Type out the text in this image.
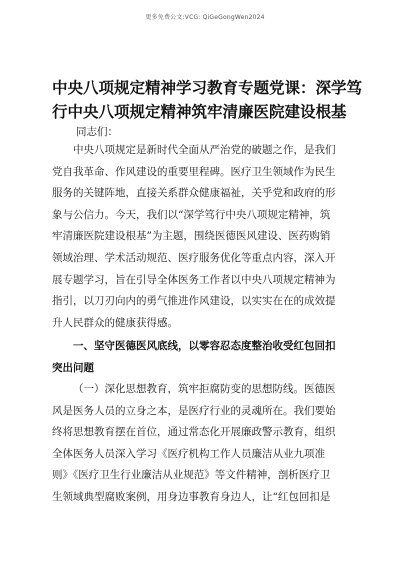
更多免费公文:VCG: QiGeGongWen2024
中央八项规定精神学习教育专题党课：深学笃
行中央八项规定精神筑牢清廉医院建设根基
同志们：
中央八项规定是新时代全面从严治党的破题之作，是我们
党自我革命、作风建设的重要里程碑。医疗卫生领域作为民生
服务的关键阵地，直接关系群众健康福祉，关乎党和政府的形
象与公信力。今天，我们以“深学笃行中央八项规定精神，筑
牢清廉医院建设根基”为主题，围绕医德医风建设、医药购销
领域治理、学术活动规范、医疗服务优化等重点内容，深入开
展专题学习，旨在引导全体医务工作者以中央八项规定精神为
指引，以刀刃向内的勇气推进作风建设，以实实在在的成效提
升人民群众的健康获得感。
一、坚守医德医风底线，以零容忍态度整治收受红包回扣
突出问题
（一）深化思想教育，筑牢拒腐防变的思想防线。医德医
风是医务人员的立身之本，是医疗行业的灵魂所在。我们要始
终将思想教育摆在首位，通过常态化开展廉政警示教育，组织
全体医务人员深入学习《医疗机构工作人员廉洁从业九项准
则》《医疗卫生行业廉洁从业规范》等文件精神，剖析医疗卫
生领域典型腐败案例，用身边事教育身边人，让“红包回扣是
